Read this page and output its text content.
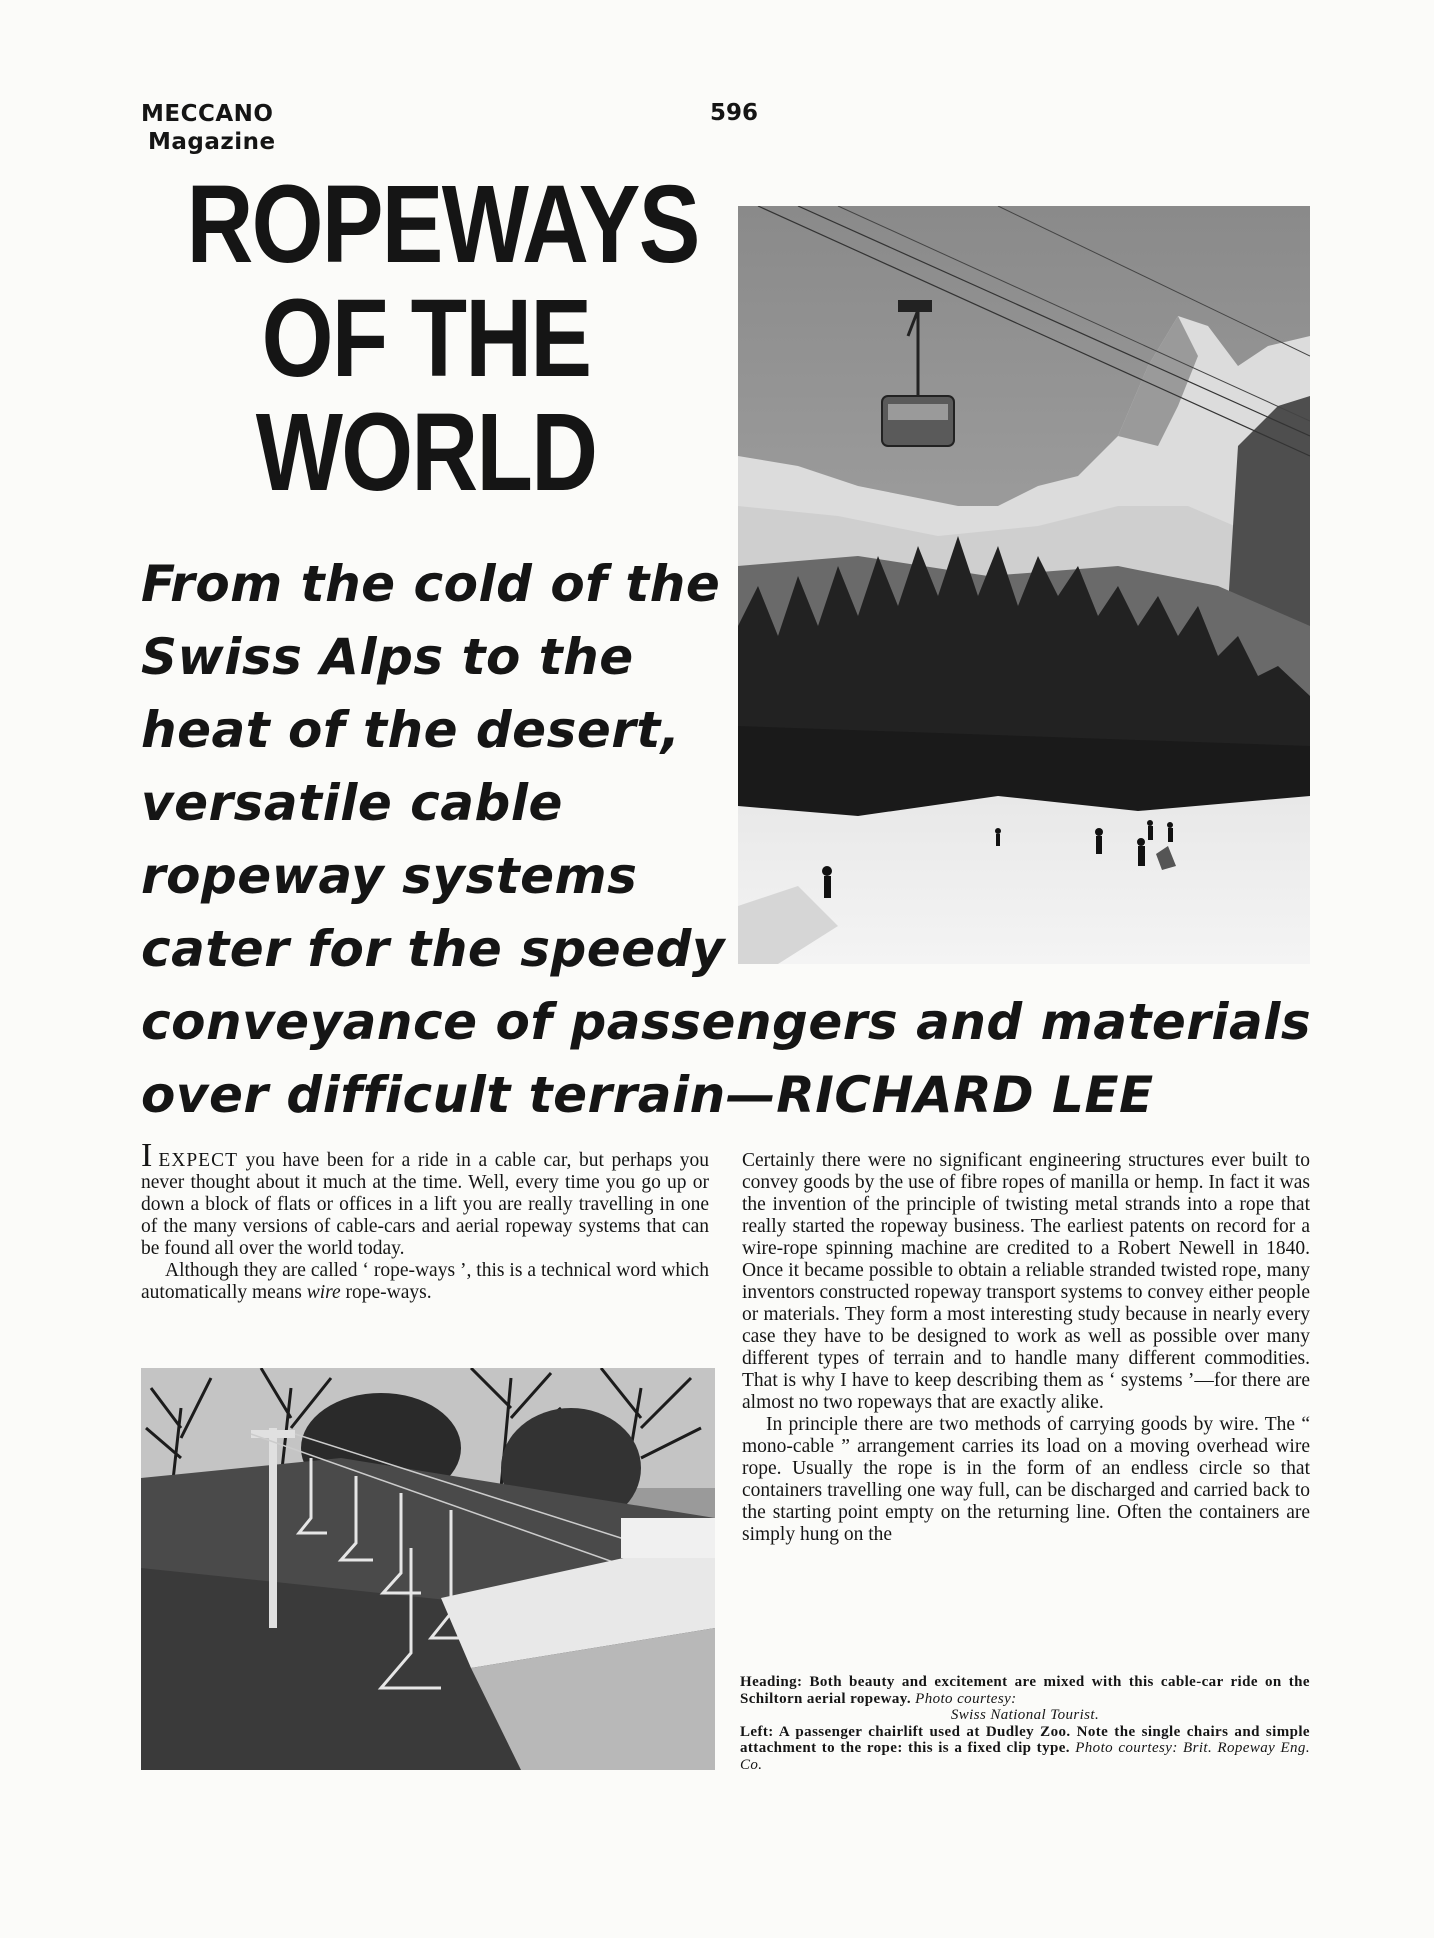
MECCANO
Magazine
596
ROPEWAYS
OF THE
WORLD
From the cold of the
Swiss Alps to the
heat of the desert,
versatile cable
ropeway systems
cater for the speedy
conveyance of passengers and materials
over difficult terrain—RICHARD LEE

IEXPECT you have been for a ride in a cable car, but perhaps you never thought about it much at the time. Well, every time you go up or down a block of flats or offices in a lift you are really travelling in one of the many versions of cable-cars and aerial ropeway systems that can be found all over the world today.

Although they are called ‘ rope-ways ’, this is a technical word which automatically means wire rope-ways.

Certainly there were no significant engineering structures ever built to convey goods by the use of fibre ropes of manilla or hemp. In fact it was the invention of the principle of twisting metal strands into a rope that really started the ropeway business. The earliest patents on record for a wire-rope spinning machine are credited to a Robert Newell in 1840. Once it became possible to obtain a reliable stranded twisted rope, many inventors constructed ropeway transport systems to convey either people or materials. They form a most interesting study because in nearly every case they have to be designed to work as well as possible over many different types of terrain and to handle many different commodities. That is why I have to keep describing them as ‘ systems ’—for there are almost no two ropeways that are exactly alike.

In principle there are two methods of carrying goods by wire. The “ mono-cable ” arrangement carries its load on a moving overhead wire rope. Usually the rope is in the form of an endless circle so that containers travelling one way full, can be discharged and carried back to the starting point empty on the returning line. Often the containers are simply hung on the

Heading: Both beauty and excitement are mixed with this cable-car ride on the Schiltorn aerial ropeway. Photo courtesy:
Swiss National Tourist.

Left: A passenger chairlift used at Dudley Zoo. Note the single chairs and simple attachment to the rope: this is a fixed clip type. Photo courtesy: Brit. Ropeway Eng. Co.
